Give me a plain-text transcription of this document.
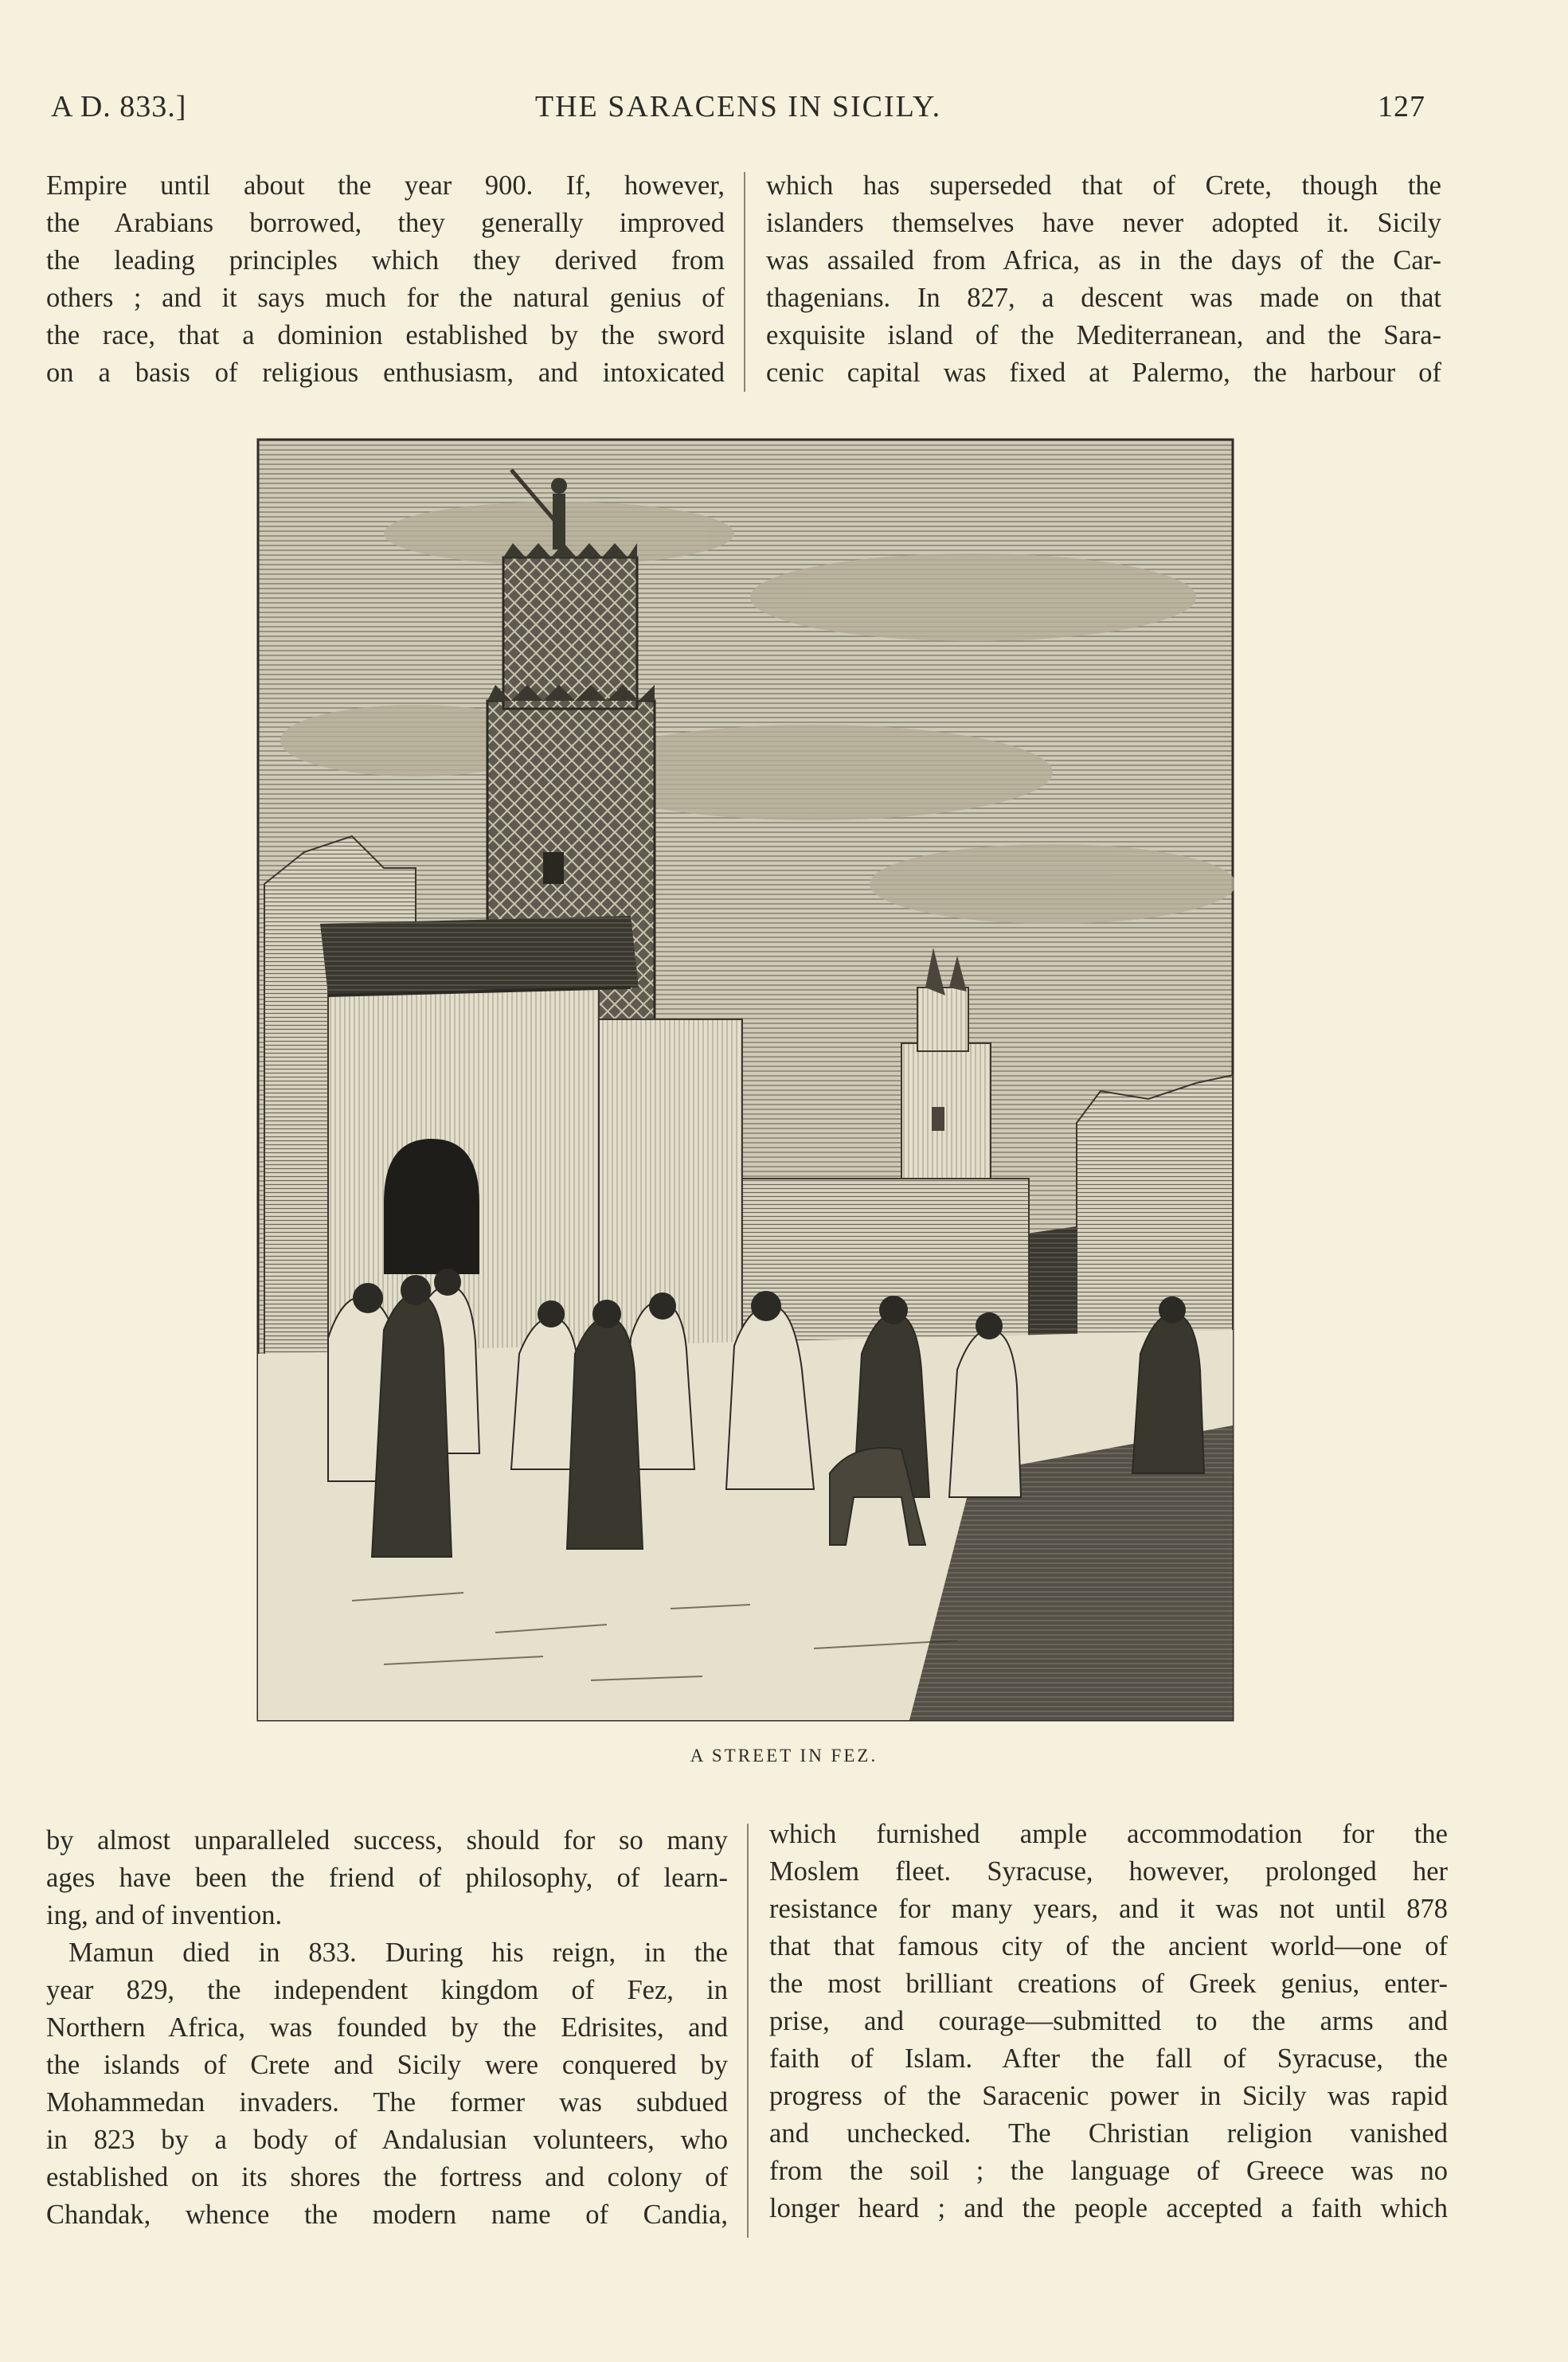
A D. 833.]	THE SARACENS IN SICILY.	127
Empire until about the year 900. If, however,
the Arabians borrowed, they generally improved
the leading principles which they derived from
others ; and it says much for the natural genius of
the race, that a dominion established by the sword
on a basis of religious enthusiasm, and intoxicated
which has superseded that of Crete, though the
islanders themselves have never adopted it. Sicily
was assailed from Africa, as in the days of the Car-
thagenians. In 827, a descent was made on that
exquisite island of the Mediterranean, and the Sara-
cenic capital was fixed at Palermo, the harbour of
A STREET IN FEZ.
by almost unparalleled success, should for so many
ages have been the friend of philosophy, of learn-
ing, and of invention.
Mamun died in 833. During his reign, in the
year 829, the independent kingdom of Fez, in
Northern Africa, was founded by the Edrisites, and
the islands of Crete and Sicily were conquered by
Mohammedan invaders. The former was subdued
in 823 by a body of Andalusian volunteers, who
established on its shores the fortress and colony of
Chandak, whence the modern name of Candia,
which furnished ample accommodation for the
Moslem fleet. Syracuse, however, prolonged her
resistance for many years, and it was not until 878
that that famous city of the ancient world—one of
the most brilliant creations of Greek genius, enter-
prise, and courage—submitted to the arms and
faith of Islam. After the fall of Syracuse, the
progress of the Saracenic power in Sicily was rapid
and unchecked. The Christian religion vanished
from the soil ; the language of Greece was no
longer heard ; and the people accepted a faith which
